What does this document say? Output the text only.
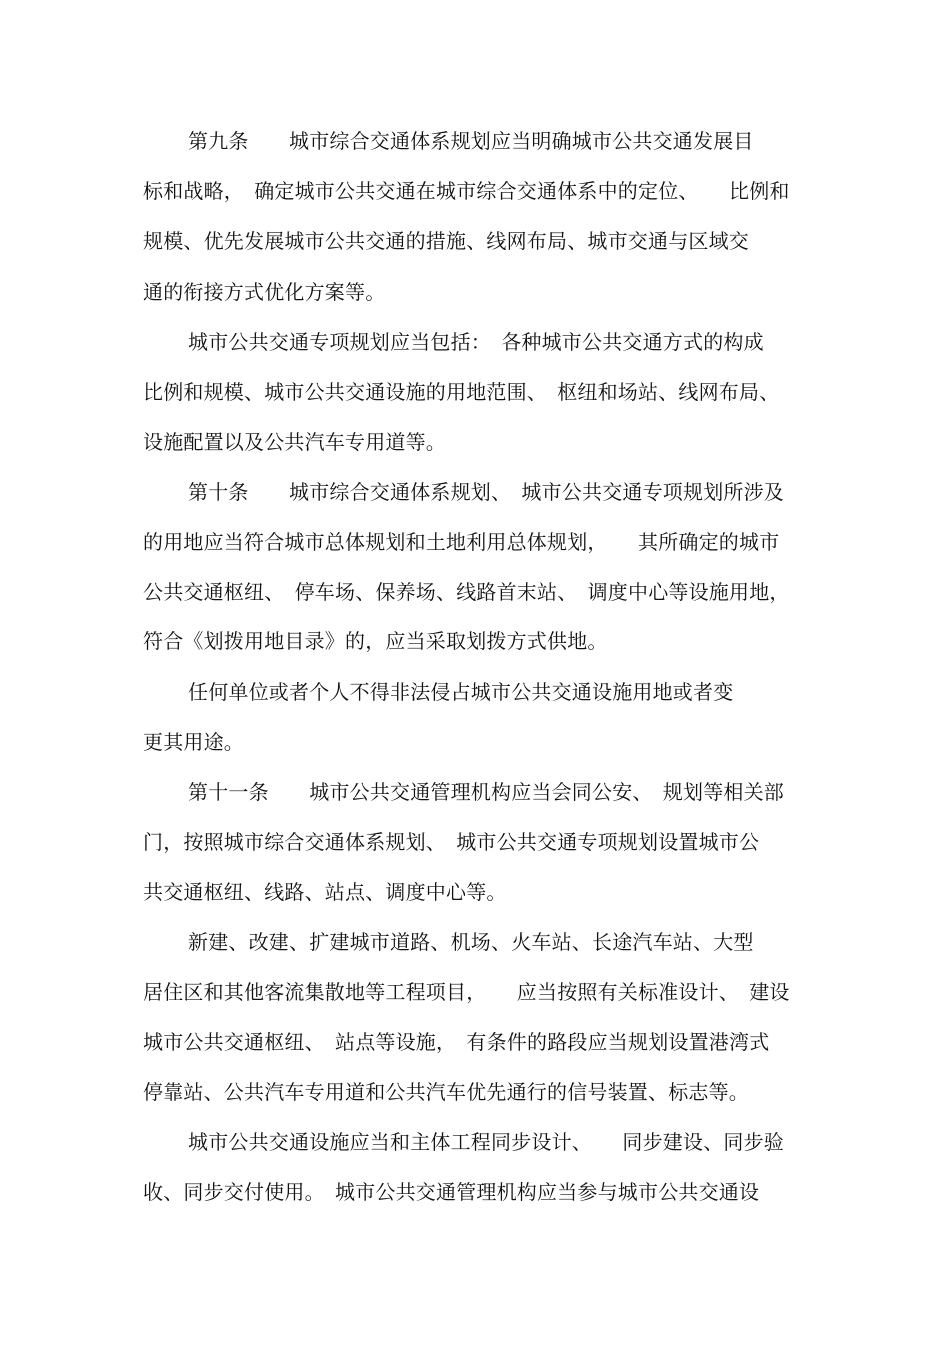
第九条　　城市综合交通体系规划应当明确城市公共交通发展目
标和战略，　确定城市公共交通在城市综合交通体系中的定位、　　比例和
规模、优先发展城市公共交通的措施、线网布局、城市交通与区域交
通的衔接方式优化方案等。
城市公共交通专项规划应当包括：　各种城市公共交通方式的构成
比例和规模、城市公共交通设施的用地范围、　枢纽和场站、线网布局、
设施配置以及公共汽车专用道等。
第十条　　城市综合交通体系规划、　城市公共交通专项规划所涉及
的用地应当符合城市总体规划和土地利用总体规划，　　其所确定的城市
公共交通枢纽、　停车场、保养场、线路首末站、　调度中心等设施用地，
符合《划拨用地目录》的，应当采取划拨方式供地。
任何单位或者个人不得非法侵占城市公共交通设施用地或者变
更其用途。
第十一条　　城市公共交通管理机构应当会同公安、　规划等相关部
门，按照城市综合交通体系规划、　城市公共交通专项规划设置城市公
共交通枢纽、线路、站点、调度中心等。
新建、改建、扩建城市道路、机场、火车站、长途汽车站、大型
居住区和其他客流集散地等工程项目，　　应当按照有关标准设计、　建设
城市公共交通枢纽、　站点等设施，　有条件的路段应当规划设置港湾式
停靠站、公共汽车专用道和公共汽车优先通行的信号装置、标志等。
城市公共交通设施应当和主体工程同步设计、　　同步建设、同步验
收、同步交付使用。　城市公共交通管理机构应当参与城市公共交通设
